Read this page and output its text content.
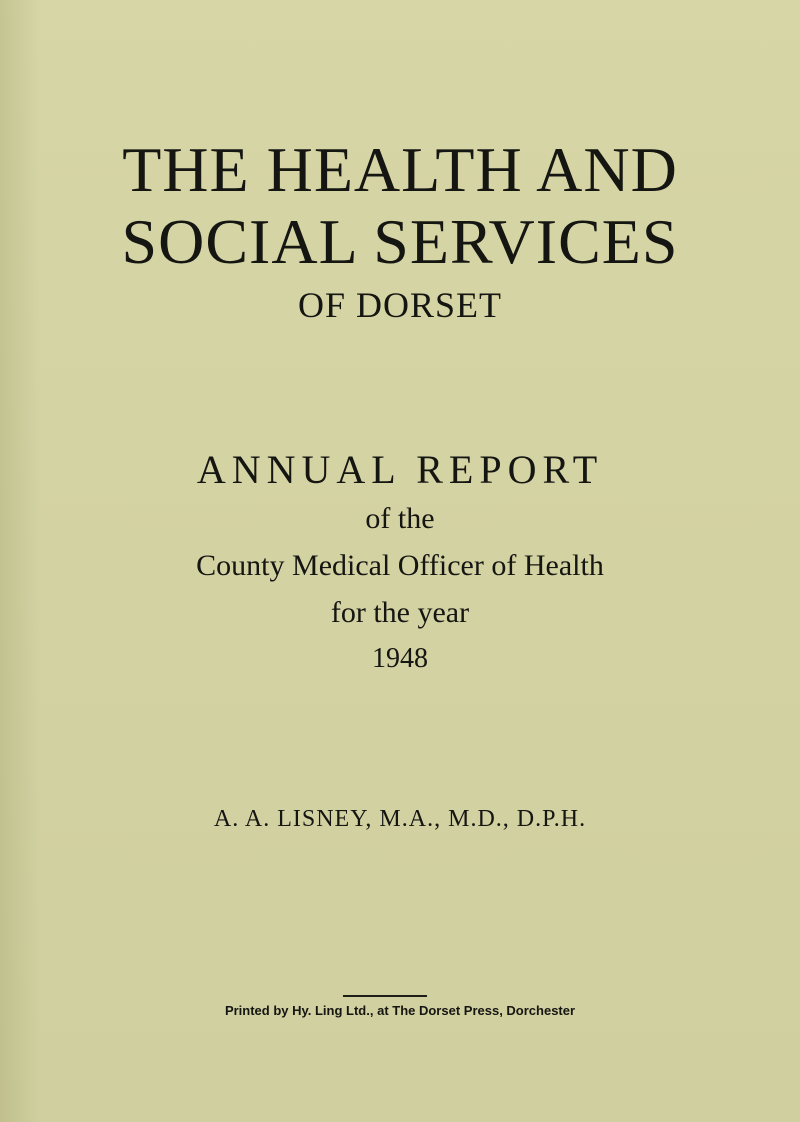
THE HEALTH AND
SOCIAL SERVICES
OF DORSET
ANNUAL REPORT
of the
County Medical Officer of Health
for the year
1948
A. A. LISNEY, M.A., M.D., D.P.H.
Printed by Hy. Ling Ltd., at The Dorset Press, Dorchester
